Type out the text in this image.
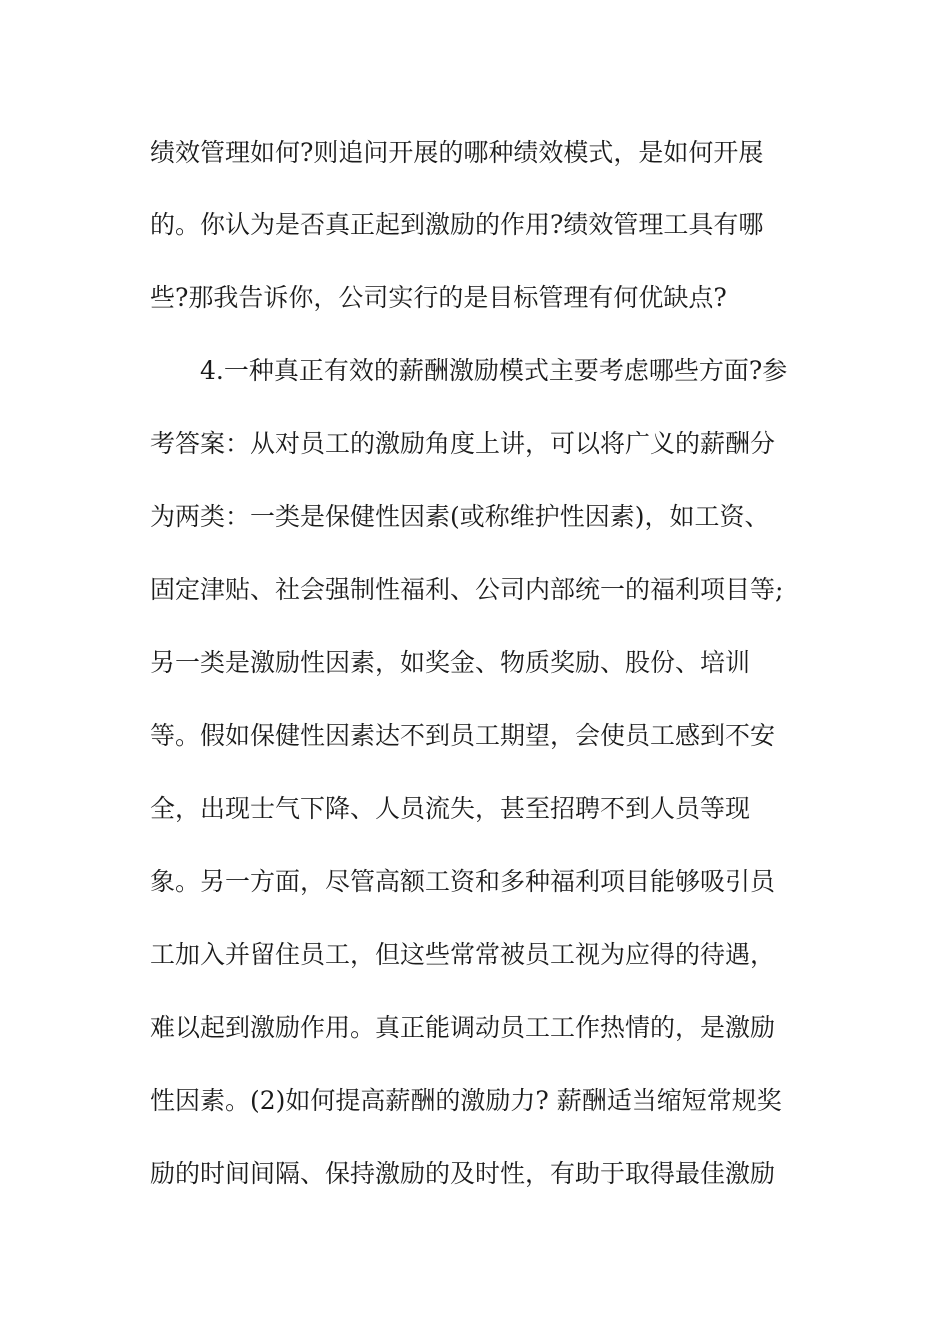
绩效管理如何?则追问开展的哪种绩效模式，是如何开展
的。你认为是否真正起到激励的作用?绩效管理工具有哪
些?那我告诉你，公司实行的是目标管理有何优缺点?
4.一种真正有效的薪酬激励模式主要考虑哪些方面?参
考答案：从对员工的激励角度上讲，可以将广义的薪酬分
为两类：一类是保健性因素(或称维护性因素)，如工资、
固定津贴、社会强制性福利、公司内部统一的福利项目等;
另一类是激励性因素，如奖金、物质奖励、股份、培训
等。假如保健性因素达不到员工期望，会使员工感到不安
全，出现士气下降、人员流失，甚至招聘不到人员等现
象。另一方面，尽管高额工资和多种福利项目能够吸引员
工加入并留住员工，但这些常常被员工视为应得的待遇，
难以起到激励作用。真正能调动员工工作热情的，是激励
性因素。(2)如何提高薪酬的激励力? 薪酬适当缩短常规奖
励的时间间隔、保持激励的及时性，有助于取得最佳激励
